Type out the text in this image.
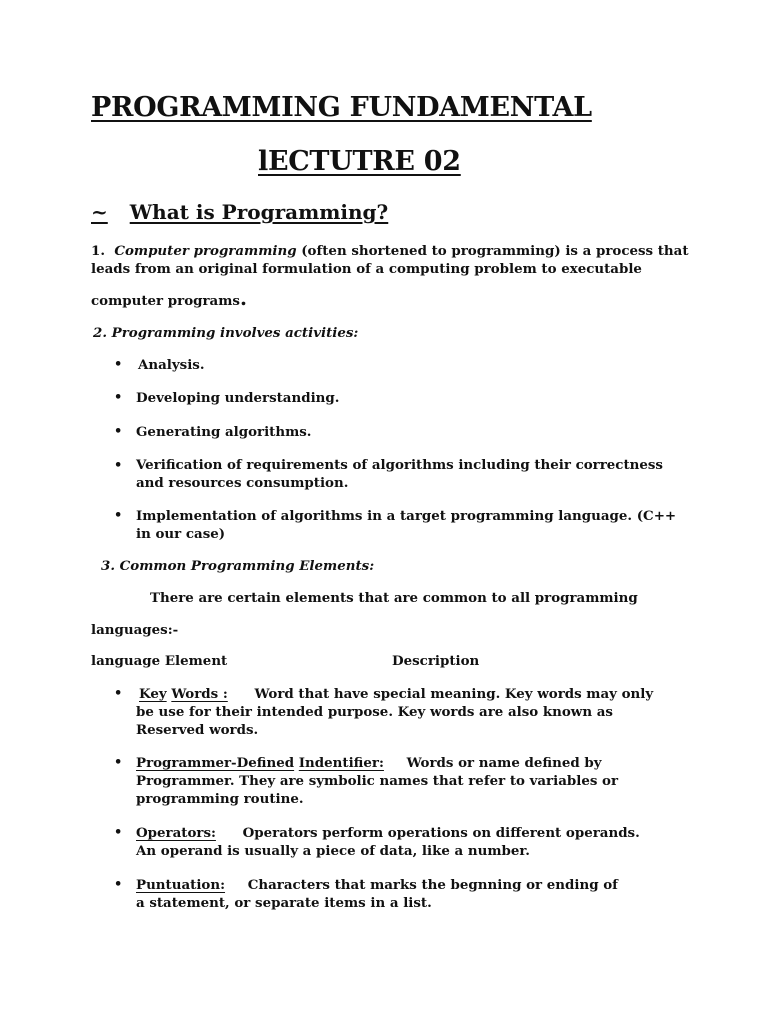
PROGRAMMING FUNDAMENTAL
lECTUTRE 02
~ What is Programming?
1. Computer programming (often shortened to programming) is a process that
leads from an original formulation of a computing problem to executable
computer programs.
2. Programming involves activities:
• Analysis.
• Developing understanding.
• Generating algorithms.
• Verification of requirements of algorithms including their correctness and resources consumption.
• Implementation of algorithms in a target programming language. (C++ in our case)
3. Common Programming Elements:
There are certain elements that are common to all programming
languages:-
language Element	Description
• Key Words : Word that have special meaning. Key words may only be use for their intended purpose. Key words are also known as Reserved words.
• Programmer-Defined Indentifier: Words or name defined by Programmer. They are symbolic names that refer to variables or programming routine.
• Operators: Operators perform operations on different operands. An operand is usually a piece of data, like a number.
• Puntuation: Characters that marks the begnning or ending of a statement, or separate items in a list.
